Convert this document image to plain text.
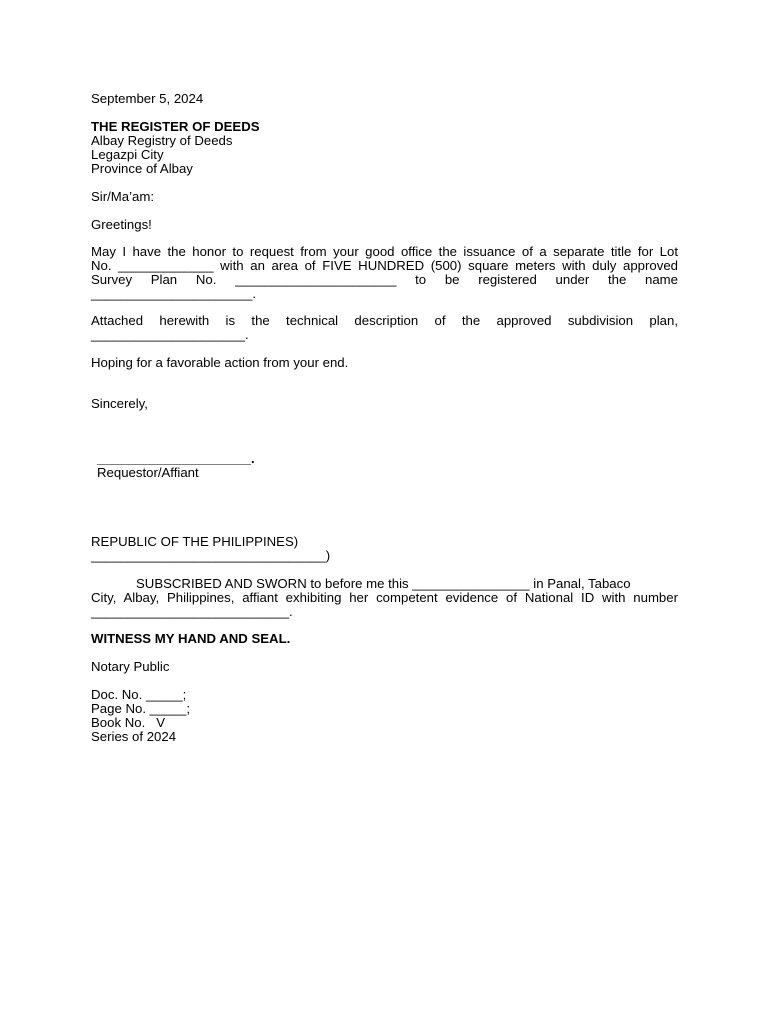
September 5, 2024

THE REGISTER OF DEEDS

Albay Registry of Deeds

Legazpi City

Province of Albay

Sir/Ma’am:

Greetings!

May I have the honor to request from your good office the issuance of a separate title for Lot

No. _____________ with an area of FIVE HUNDRED (500) square meters with duly approved

Survey Plan No. ______________________ to be registered under the name

______________________.

Attached herewith is the technical description of the approved subdivision plan,

_____________________.

Hoping for a favorable action from your end.

Sincerely,

_____________________.

Requestor/Affiant

REPUBLIC OF THE PHILIPPINES)

________________________________)

SUBSCRIBED AND SWORN to before me this ________________ in Panal, Tabaco

City, Albay, Philippines, affiant exhibiting her competent evidence of National ID with number

___________________________.

WITNESS MY HAND AND SEAL.

Notary Public

Doc. No. _____;

Page No. _____;

Book No.   V

Series of 2024
